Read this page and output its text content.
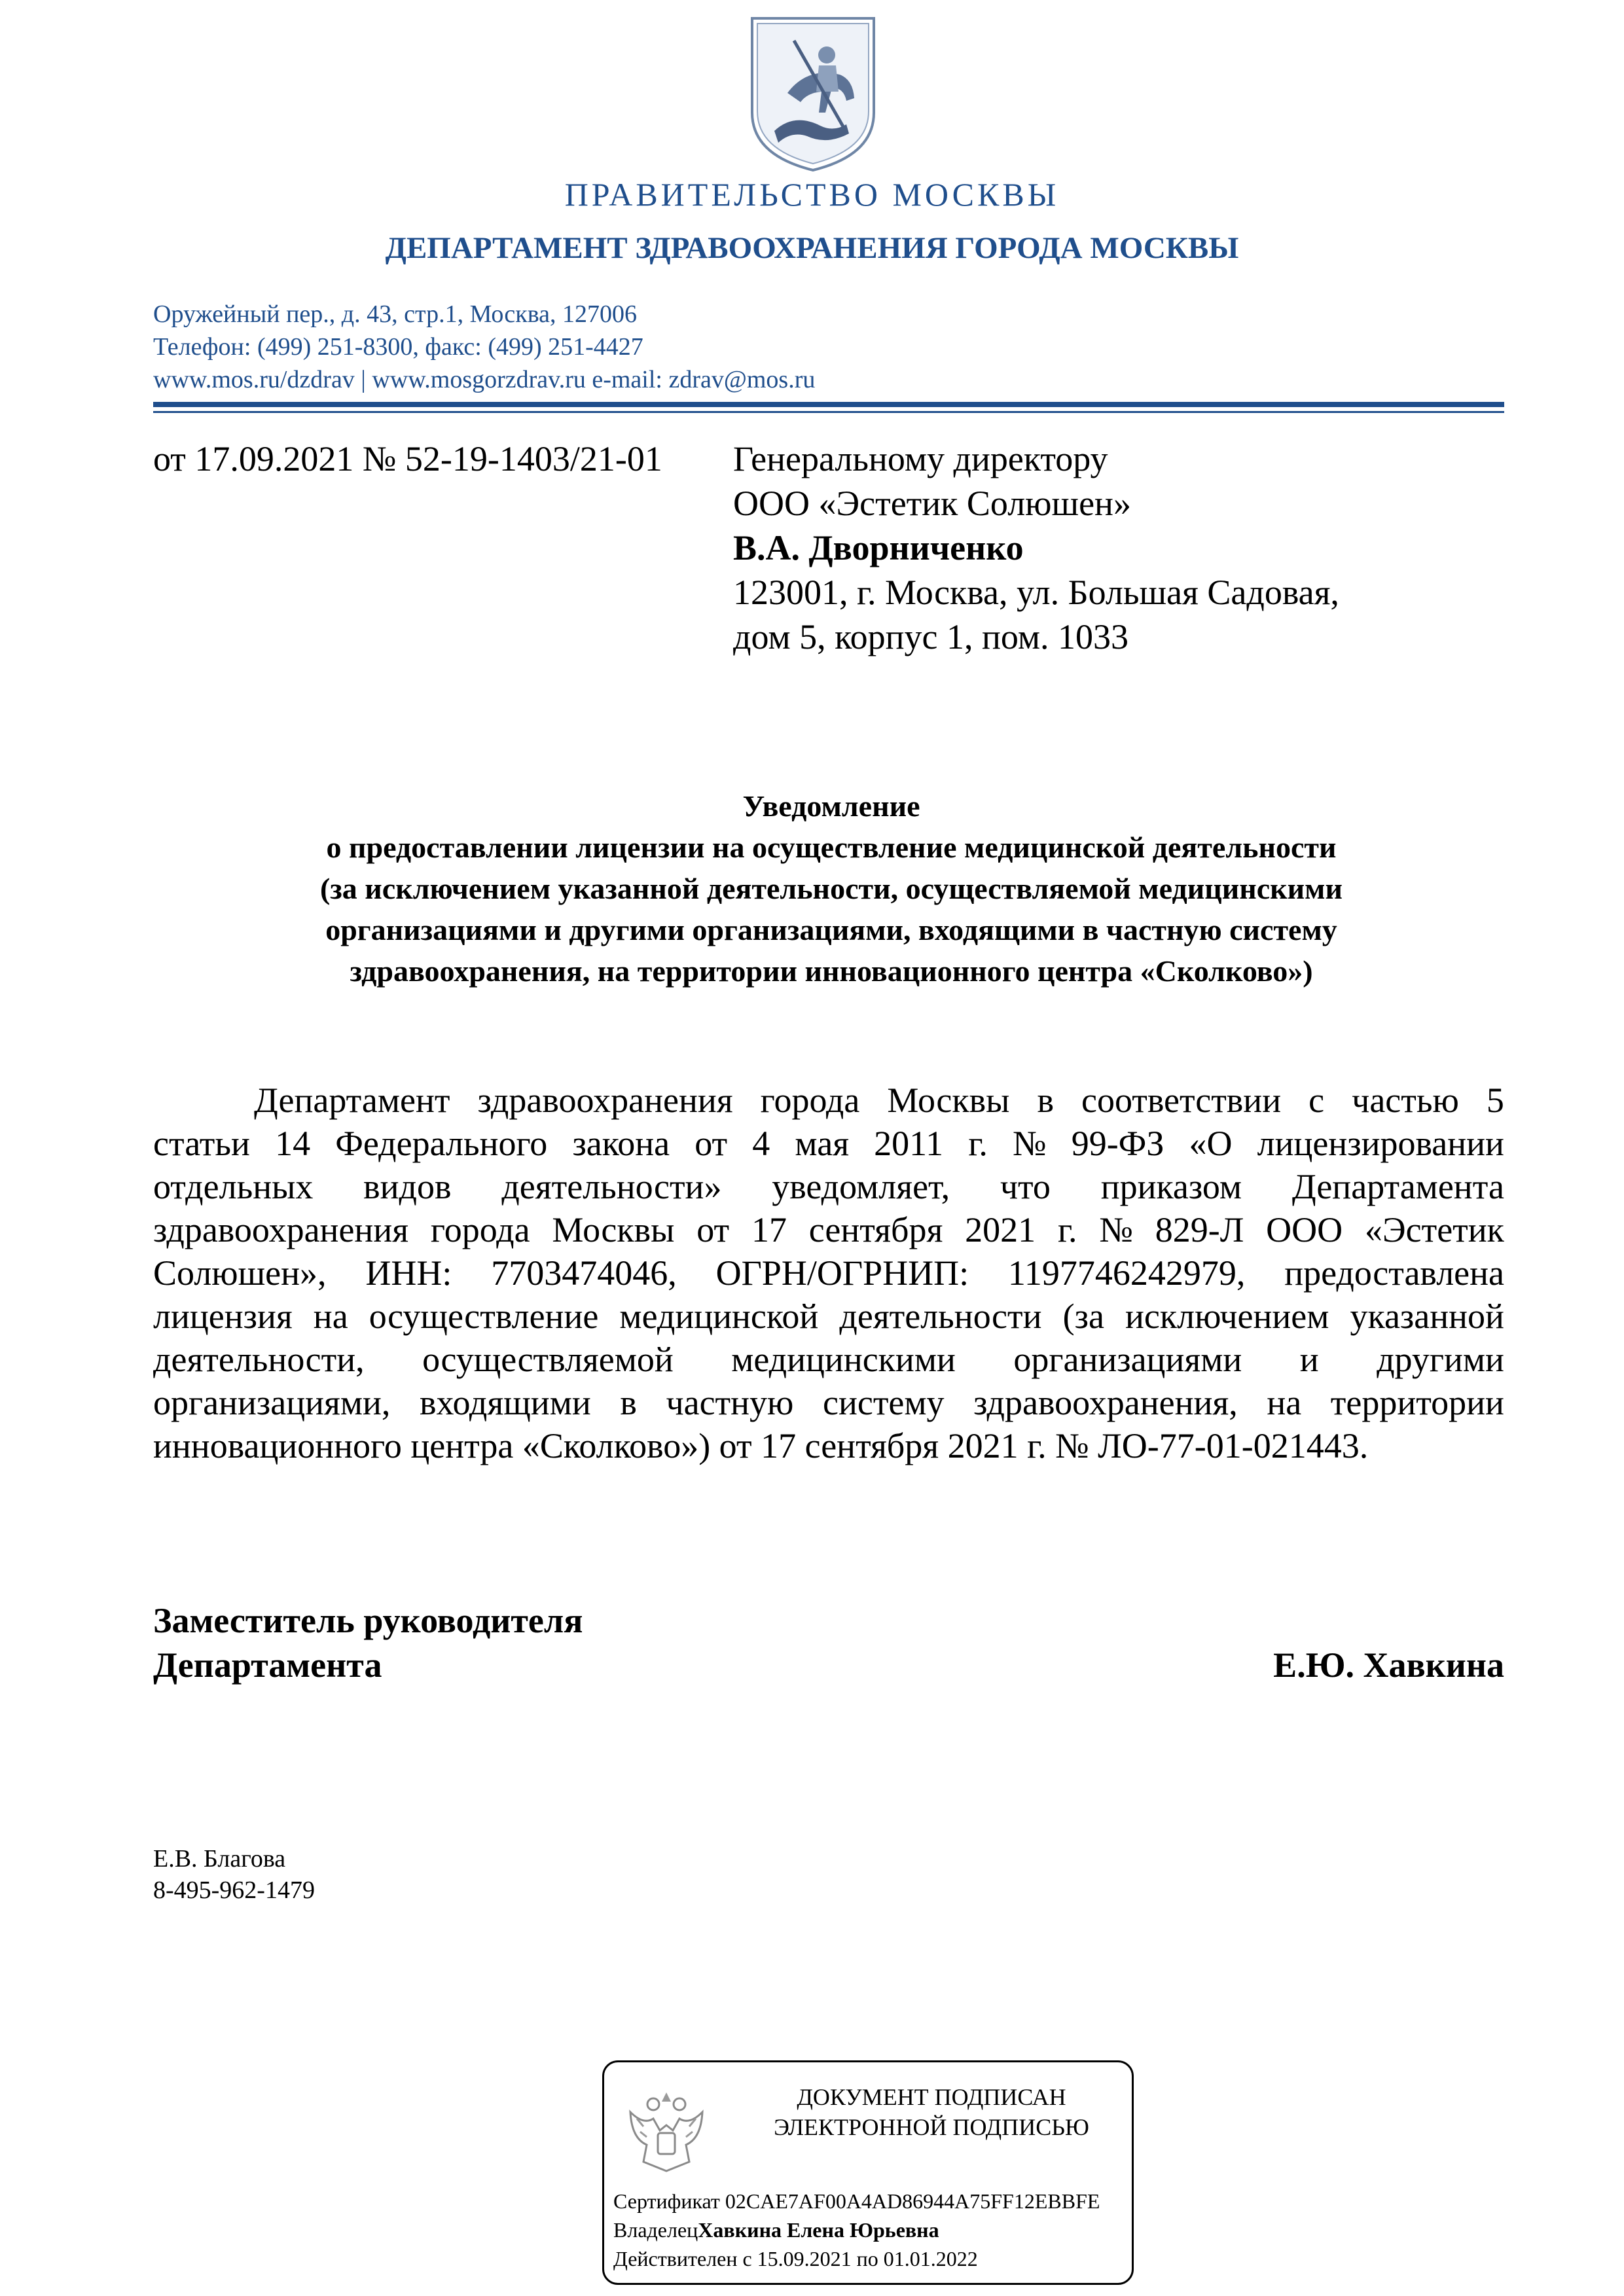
ПРАВИТЕЛЬСТВО МОСКВЫ
ДЕПАРТАМЕНТ ЗДРАВООХРАНЕНИЯ ГОРОДА МОСКВЫ
Оружейный пер., д. 43, стр.1, Москва, 127006
Телефон: (499) 251-8300, факс: (499) 251-4427
www.mos.ru/dzdrav | www.mosgorzdrav.ru e-mail: zdrav@mos.ru
от 17.09.2021 № 52-19-1403/21-01 Генеральному директору
ООО «Эстетик Солюшен»
В.А. Дворниченко
123001, г. Москва, ул. Большая Садовая,
дом 5, корпус 1, пом. 1033
Уведомление
о предоставлении лицензии на осуществление медицинской деятельности
(за исключением указанной деятельности, осуществляемой медицинскими
организациями и другими организациями, входящими в частную систему
здравоохранения, на территории инновационного центра «Сколково»)
Департамент здравоохранения города Москвы в соответствии с частью 5
статьи 14 Федерального закона от 4 мая 2011 г. № 99-ФЗ «О лицензировании
отдельных видов деятельности» уведомляет, что приказом Департамента
здравоохранения города Москвы от 17 сентября 2021 г. № 829-Л ООО «Эстетик
Солюшен», ИНН: 7703474046, ОГРН/ОГРНИП: 1197746242979, предоставлена
лицензия на осуществление медицинской деятельности (за исключением указанной
деятельности, осуществляемой медицинскими организациями и другими
организациями, входящими в частную систему здравоохранения, на территории
инновационного центра «Сколково») от 17 сентября 2021 г. № ЛО-77-01-021443.
Заместитель руководителя
Департамента	Е.Ю. Хавкина
Е.В. Благова
8-495-962-1479
ДОКУМЕНТ ПОДПИСАН
ЭЛЕКТРОННОЙ ПОДПИСЬЮ
Сертификат 02CAE7AF00A4AD86944A75FF12EBBFE
ВладелецХавкина Елена Юрьевна
Действителен с 15.09.2021 по 01.01.2022
